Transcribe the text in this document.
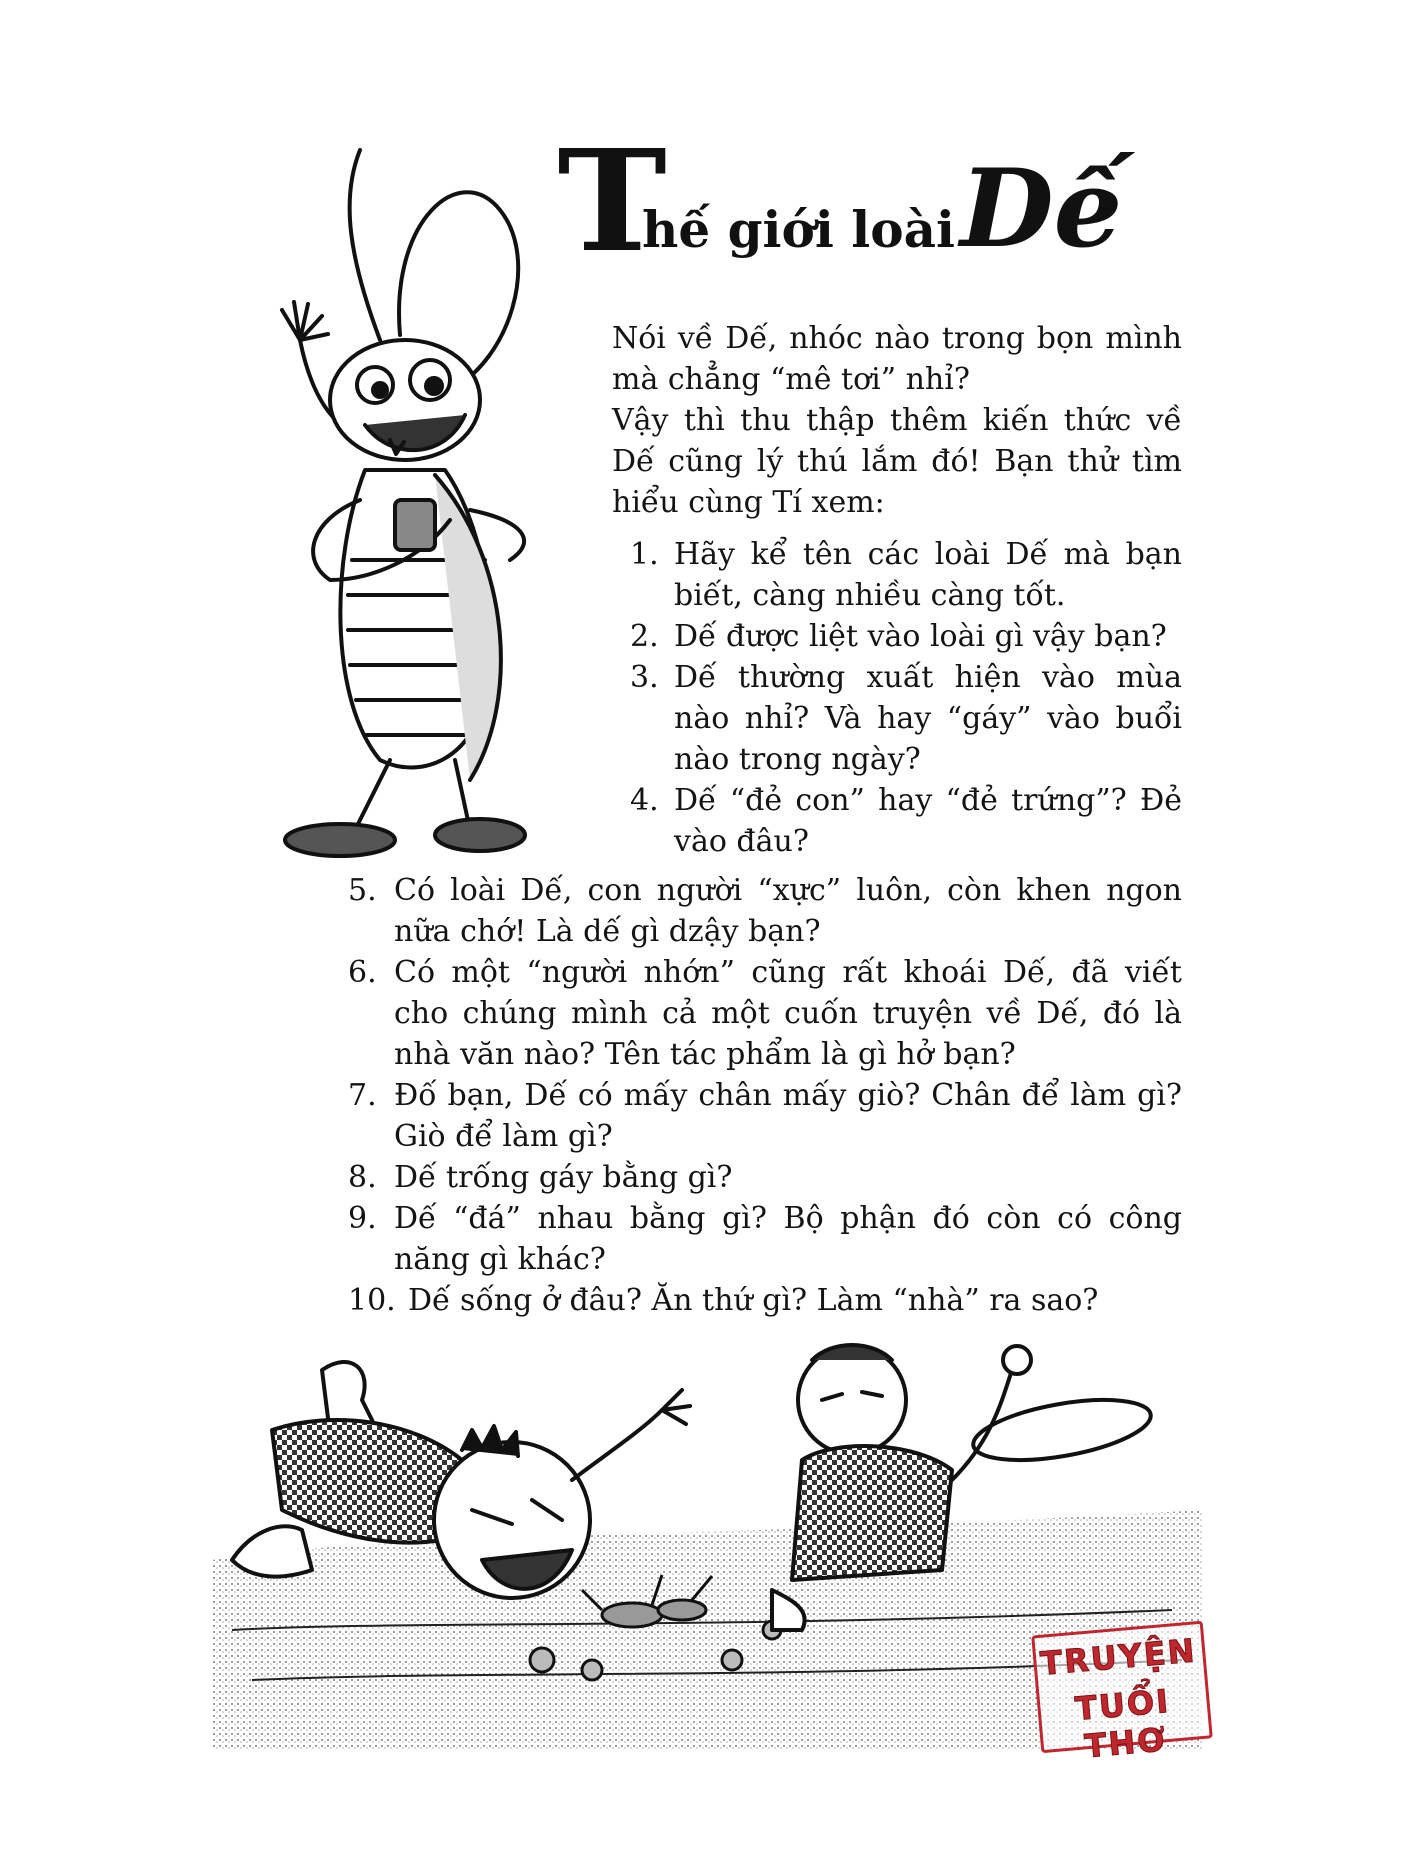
T
hế giới loài Dế

Nói về Dế, nhóc nào trong bọn mình mà chẳng “mê tơi” nhỉ?

Vậy thì thu thập thêm kiến thức về Dế cũng lý thú lắm đó! Bạn thử tìm hiểu cùng Tí xem:

1. Hãy kể tên các loài Dế mà bạn biết, càng nhiều càng tốt.
2. Dế được liệt vào loài gì vậy bạn?
3. Dế thường xuất hiện vào mùa nào nhỉ? Và hay “gáy” vào buổi nào trong ngày?
4. Dế “đẻ con” hay “đẻ trứng”? Đẻ vào đâu?
5. Có loài Dế, con người “xực” luôn, còn khen ngon nữa chớ! Là dế gì dzậy bạn?
6. Có một “người nhớn” cũng rất khoái Dế, đã viết cho chúng mình cả một cuốn truyện về Dế, đó là nhà văn nào? Tên tác phẩm là gì hở bạn?
7. Đố bạn, Dế có mấy chân mấy giò? Chân để làm gì? Giò để làm gì?
8. Dế trống gáy bằng gì?
9. Dế “đá” nhau bằng gì? Bộ phận đó còn có công năng gì khác?
10. Dế sống ở đâu? Ăn thứ gì? Làm “nhà” ra sao?
TRUYỆN
TUỔI THƠ
